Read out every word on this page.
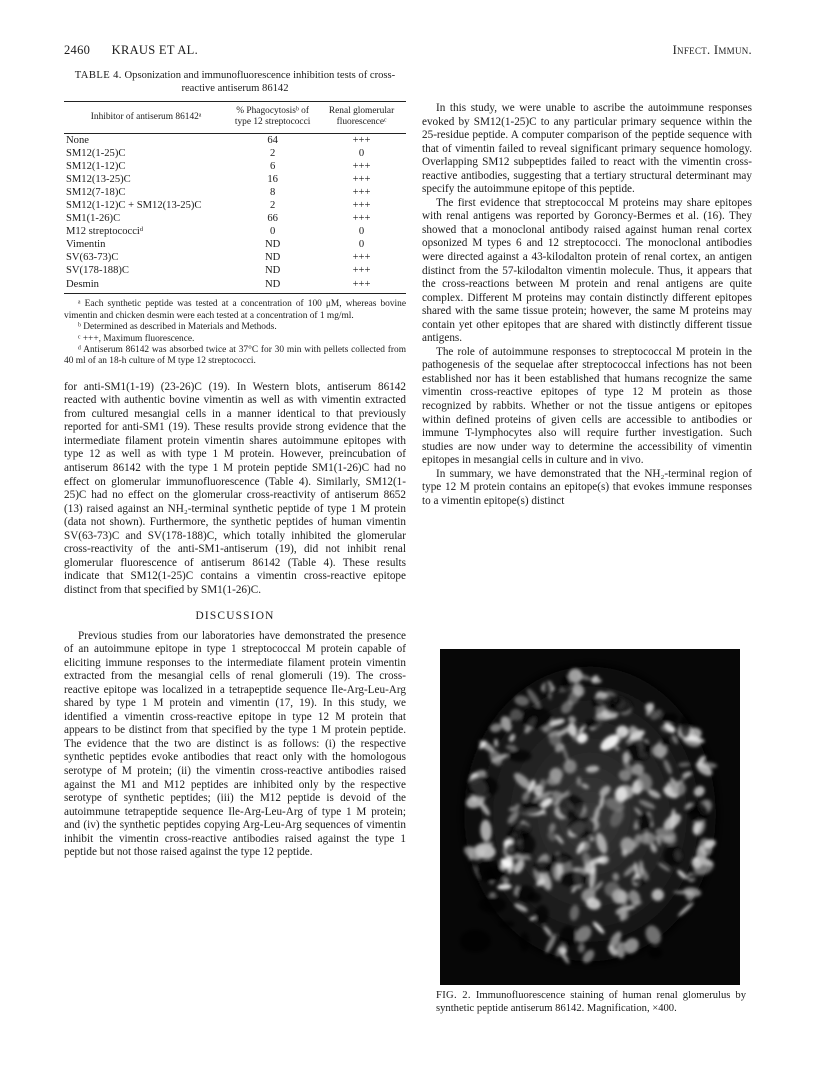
2460 KRAUS ET AL.	Infect. Immun.
TABLE 4. Opsonization and immunofluorescence inhibition tests of cross-reactive antiserum 86142
Inhibitor of antiserum 86142ᵃ	% Phagocytosisᵇ of type 12 streptococci	Renal glomerular fluorescenceᶜ
None	64	+++
SM12(1-25)C	2	0
SM12(1-12)C	6	+++
SM12(13-25)C	16	+++
SM12(7-18)C	8	+++
SM12(1-12)C + SM12(13-25)C	2	+++
SM1(1-26)C	66	+++
M12 streptococciᵈ	0	0
Vimentin	ND	0
SV(63-73)C	ND	+++
SV(178-188)C	ND	+++
Desmin	ND	+++
ᵃ Each synthetic peptide was tested at a concentration of 100 μM, whereas bovine vimentin and chicken desmin were each tested at a concentration of 1 mg/ml.
ᵇ Determined as described in Materials and Methods.
ᶜ +++, Maximum fluorescence.
ᵈ Antiserum 86142 was absorbed twice at 37°C for 30 min with pellets collected from 40 ml of an 18-h culture of M type 12 streptococci.

for anti-SM1(1-19) (23-26)C (19). In Western blots, antiserum 86142 reacted with authentic bovine vimentin as well as with vimentin extracted from cultured mesangial cells in a manner identical to that previously reported for anti-SM1 (19). These results provide strong evidence that the intermediate filament protein vimentin shares autoimmune epitopes with type 12 as well as with type 1 M protein. However, preincubation of antiserum 86142 with the type 1 M protein peptide SM1(1-26)C had no effect on glomerular immunofluorescence (Table 4). Similarly, SM12(1-25)C had no effect on the glomerular cross-reactivity of antiserum 8652 (13) raised against an NH₂-terminal synthetic peptide of type 1 M protein (data not shown). Furthermore, the synthetic peptides of human vimentin SV(63-73)C and SV(178-188)C, which totally inhibited the glomerular cross-reactivity of the anti-SM1-antiserum (19), did not inhibit renal glomerular fluorescence of antiserum 86142 (Table 4). These results indicate that SM12(1-25)C contains a vimentin cross-reactive epitope distinct from that specified by SM1(1-26)C.

DISCUSSION

Previous studies from our laboratories have demonstrated the presence of an autoimmune epitope in type 1 streptococcal M protein capable of eliciting immune responses to the intermediate filament protein vimentin extracted from the mesangial cells of renal glomeruli (19). The cross-reactive epitope was localized in a tetrapeptide sequence Ile-Arg-Leu-Arg shared by type 1 M protein and vimentin (17, 19). In this study, we identified a vimentin cross-reactive epitope in type 12 M protein that appears to be distinct from that specified by the type 1 M protein peptide. The evidence that the two are distinct is as follows: (i) the respective synthetic peptides evoke antibodies that react only with the homologous serotype of M protein; (ii) the vimentin cross-reactive antibodies raised against the M1 and M12 peptides are inhibited only by the respective serotype of synthetic peptides; (iii) the M12 peptide is devoid of the autoimmune tetrapeptide sequence Ile-Arg-Leu-Arg of type 1 M protein; and (iv) the synthetic peptides copying Arg-Leu-Arg sequences of vimentin inhibit the vimentin cross-reactive antibodies raised against the type 1 peptide but not those raised against the type 12 peptide.

In this study, we were unable to ascribe the autoimmune responses evoked by SM12(1-25)C to any particular primary sequence within the 25-residue peptide. A computer comparison of the peptide sequence with that of vimentin failed to reveal significant primary sequence homology. Overlapping SM12 subpeptides failed to react with the vimentin cross-reactive antibodies, suggesting that a tertiary structural determinant may specify the autoimmune epitope of this peptide.

The first evidence that streptococcal M proteins may share epitopes with renal antigens was reported by Goroncy-Bermes et al. (16). They showed that a monoclonal antibody raised against human renal cortex opsonized M types 6 and 12 streptococci. The monoclonal antibodies were directed against a 43-kilodalton protein of renal cortex, an antigen distinct from the 57-kilodalton vimentin molecule. Thus, it appears that the cross-reactions between M protein and renal antigens are quite complex. Different M proteins may contain distinctly different epitopes shared with the same tissue protein; however, the same M proteins may contain yet other epitopes that are shared with distinctly different tissue antigens.

The role of autoimmune responses to streptococcal M protein in the pathogenesis of the sequelae after streptococcal infections has not been established nor has it been established that humans recognize the same vimentin cross-reactive epitopes of type 12 M protein as those recognized by rabbits. Whether or not the tissue antigens or epitopes within defined proteins of given cells are accessible to antibodies or immune T-lymphocytes also will require further investigation. Such studies are now under way to determine the accessibility of vimentin epitopes in mesangial cells in culture and in vivo.

In summary, we have demonstrated that the NH₂-terminal region of type 12 M protein contains an epitope(s) that evokes immune responses to a vimentin epitope(s) distinct

FIG. 2. Immunofluorescence staining of human renal glomerulus by synthetic peptide antiserum 86142. Magnification, ×400.
